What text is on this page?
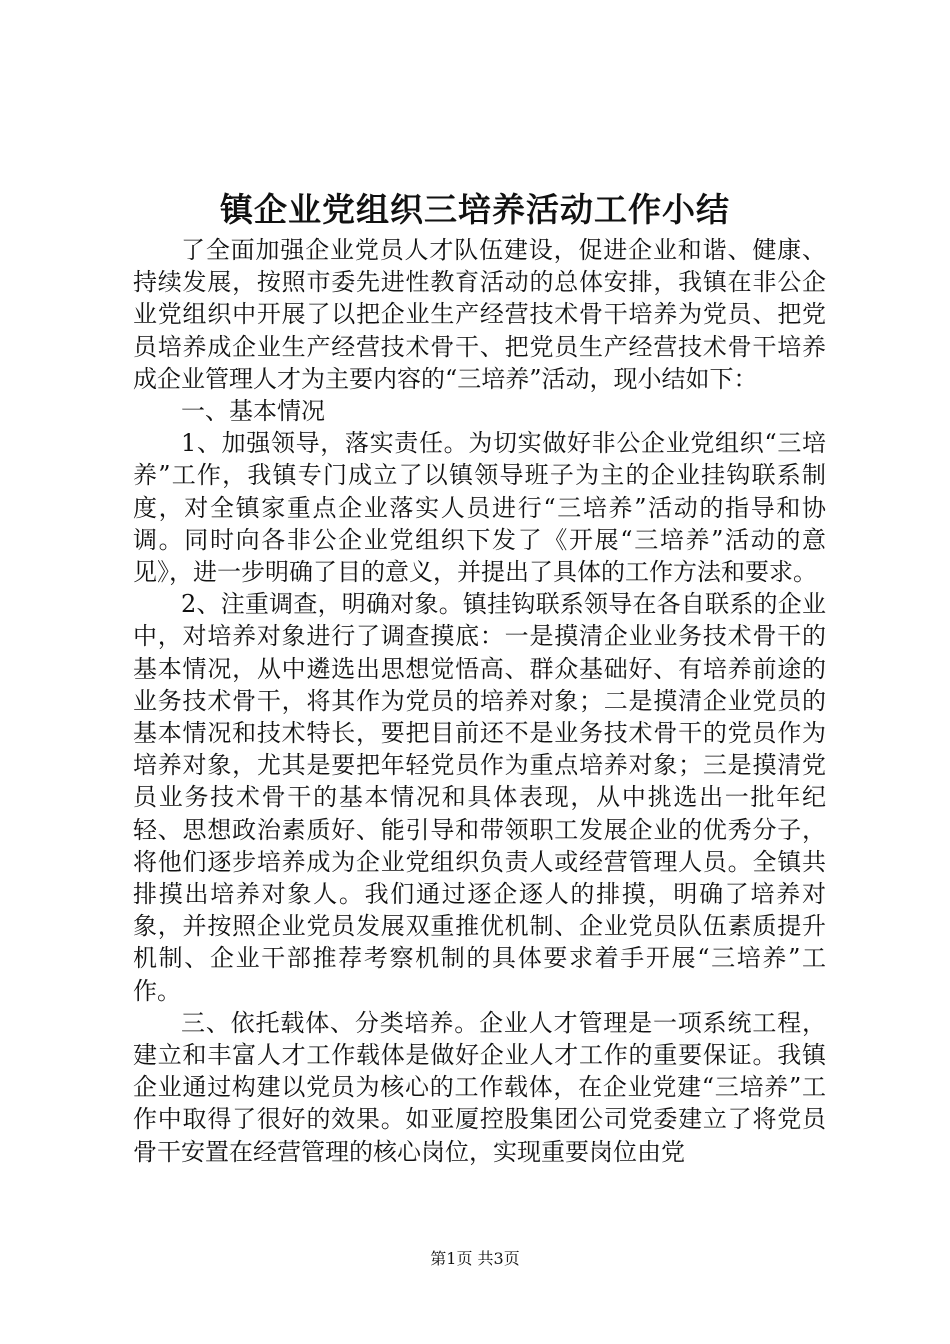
镇企业党组织三培养活动工作小结

了全面加强企业党员人才队伍建设，促进企业和谐、健康、持续发展，按照市委先进性教育活动的总体安排，我镇在非公企业党组织中开展了以把企业生产经营技术骨干培养为党员、把党员培养成企业生产经营技术骨干、把党员生产经营技术骨干培养成企业管理人才为主要内容的“三培养”活动，现小结如下：

一、基本情况

1、加强领导，落实责任。为切实做好非公企业党组织“三培养”工作，我镇专门成立了以镇领导班子为主的企业挂钩联系制度，对全镇家重点企业落实人员进行“三培养”活动的指导和协调。同时向各非公企业党组织下发了《开展“三培养”活动的意见》，进一步明确了目的意义，并提出了具体的工作方法和要求。

2、注重调查，明确对象。镇挂钩联系领导在各自联系的企业中，对培养对象进行了调查摸底：一是摸清企业业务技术骨干的基本情况，从中遴选出思想觉悟高、群众基础好、有培养前途的业务技术骨干，将其作为党员的培养对象；二是摸清企业党员的基本情况和技术特长，要把目前还不是业务技术骨干的党员作为培养对象，尤其是要把年轻党员作为重点培养对象；三是摸清党员业务技术骨干的基本情况和具体表现，从中挑选出一批年纪轻、思想政治素质好、能引导和带领职工发展企业的优秀分子，将他们逐步培养成为企业党组织负责人或经营管理人员。全镇共排摸出培养对象人。我们通过逐企逐人的排摸，明确了培养对象，并按照企业党员发展双重推优机制、企业党员队伍素质提升机制、企业干部推荐考察机制的具体要求着手开展“三培养”工作。

三、依托载体、分类培养。企业人才管理是一项系统工程，建立和丰富人才工作载体是做好企业人才工作的重要保证。我镇企业通过构建以党员为核心的工作载体，在企业党建“三培养”工作中取得了很好的效果。如亚厦控股集团公司党委建立了将党员骨干安置在经营管理的核心岗位，实现重要岗位由党

第1页 共3页
